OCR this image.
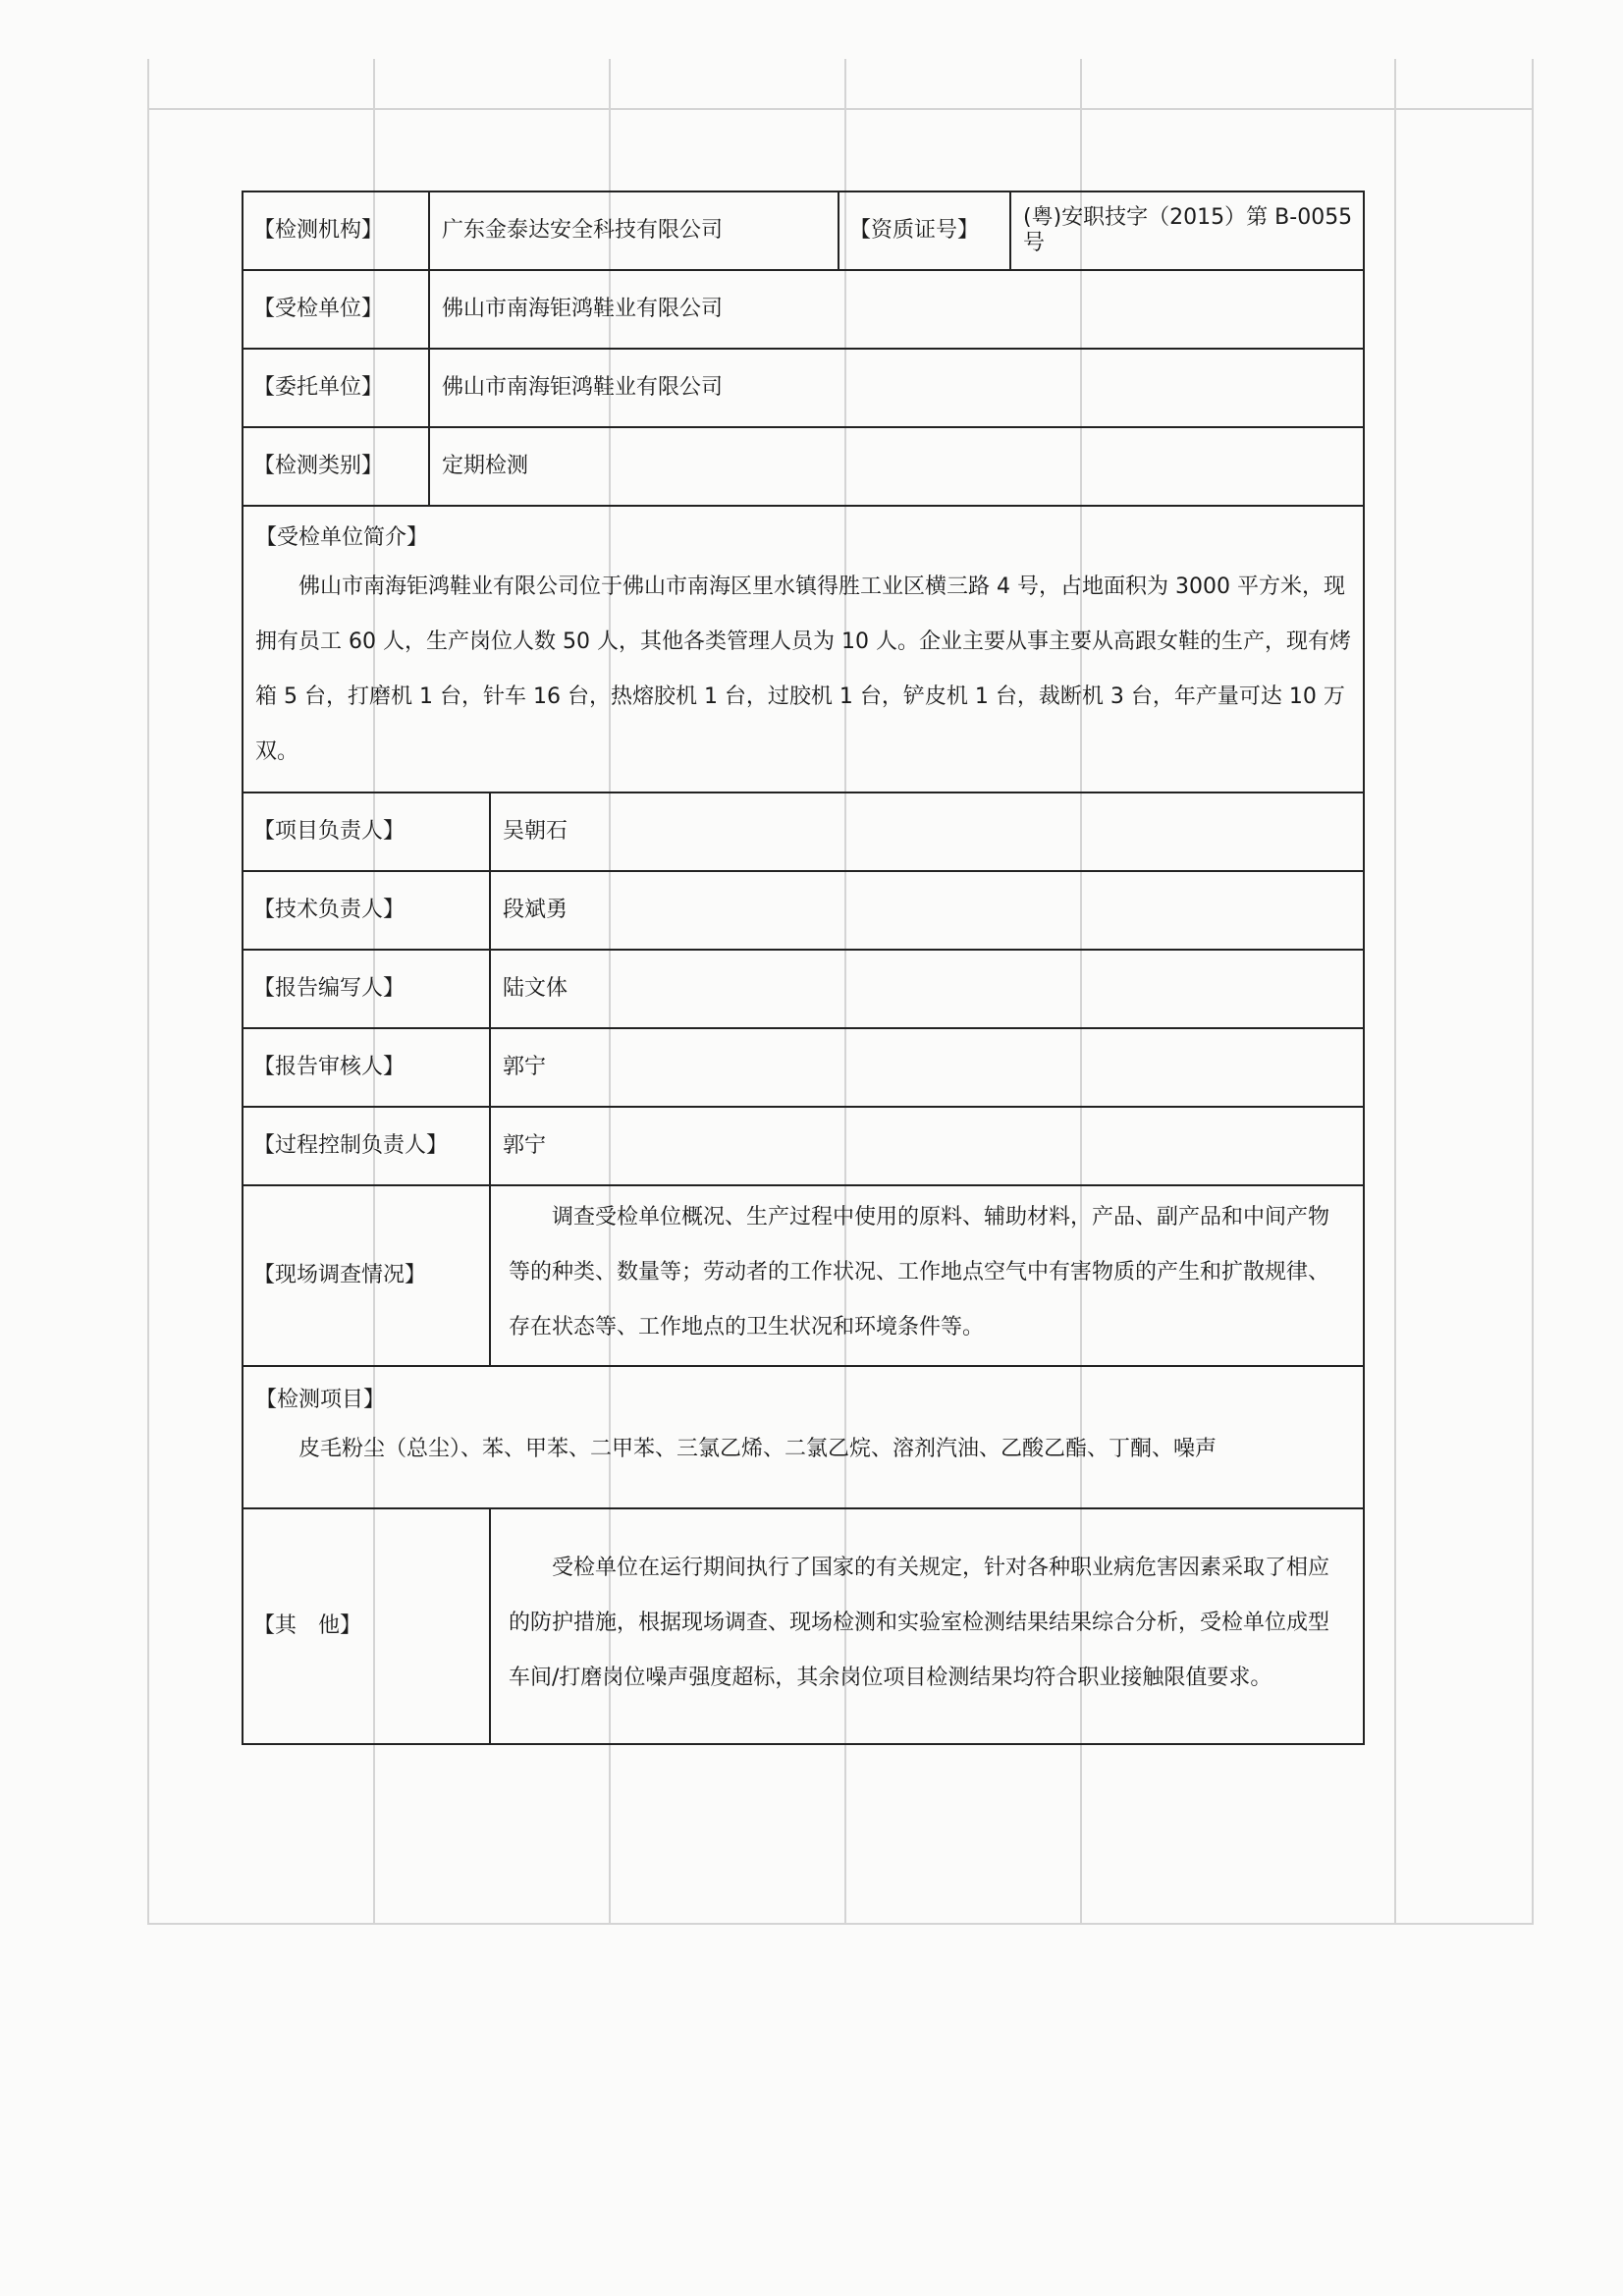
【检测机构】	广东金泰达安全科技有限公司		【资质证号】	(粤)安职技字（2015）第 B-0055 号
【受检单位】	佛山市南海钜鸿鞋业有限公司			
【委托单位】	佛山市南海钜鸿鞋业有限公司			
【检测类别】	定期检测			

【受检单位简介】
佛山市南海钜鸿鞋业有限公司位于佛山市南海区里水镇得胜工业区横三路 4 号，占地面积为 3000 平方米，现拥有员工 60 人，生产岗位人数 50 人，其他各类管理人员为 10 人。企业主要从事主要从高跟女鞋的生产，现有烤箱 5 台，打磨机 1 台，针车 16 台，热熔胶机 1 台，过胶机 1 台，铲皮机 1 台，裁断机 3 台，年产量可达 10 万双。				

【项目负责人】		吴朝石		
【技术负责人】		段斌勇		
【报告编写人】		陆文体		
【报告审核人】		郭宁		
【过程控制负责人】		郭宁		
【现场调查情况】		调查受检单位概况、生产过程中使用的原料、辅助材料，产品、副产品和中间产物等的种类、数量等；劳动者的工作状况、工作地点空气中有害物质的产生和扩散规律、存在状态等、工作地点的卫生状况和环境条件等。		

【检测项目】
皮毛粉尘（总尘）、苯、甲苯、二甲苯、三氯乙烯、二氯乙烷、溶剂汽油、乙酸乙酯、丁酮、噪声				

【其　他】		受检单位在运行期间执行了国家的有关规定，针对各种职业病危害因素采取了相应的防护措施，根据现场调查、现场检测和实验室检测结果结果综合分析，受检单位成型车间/打磨岗位噪声强度超标，其余岗位项目检测结果均符合职业接触限值要求。		
